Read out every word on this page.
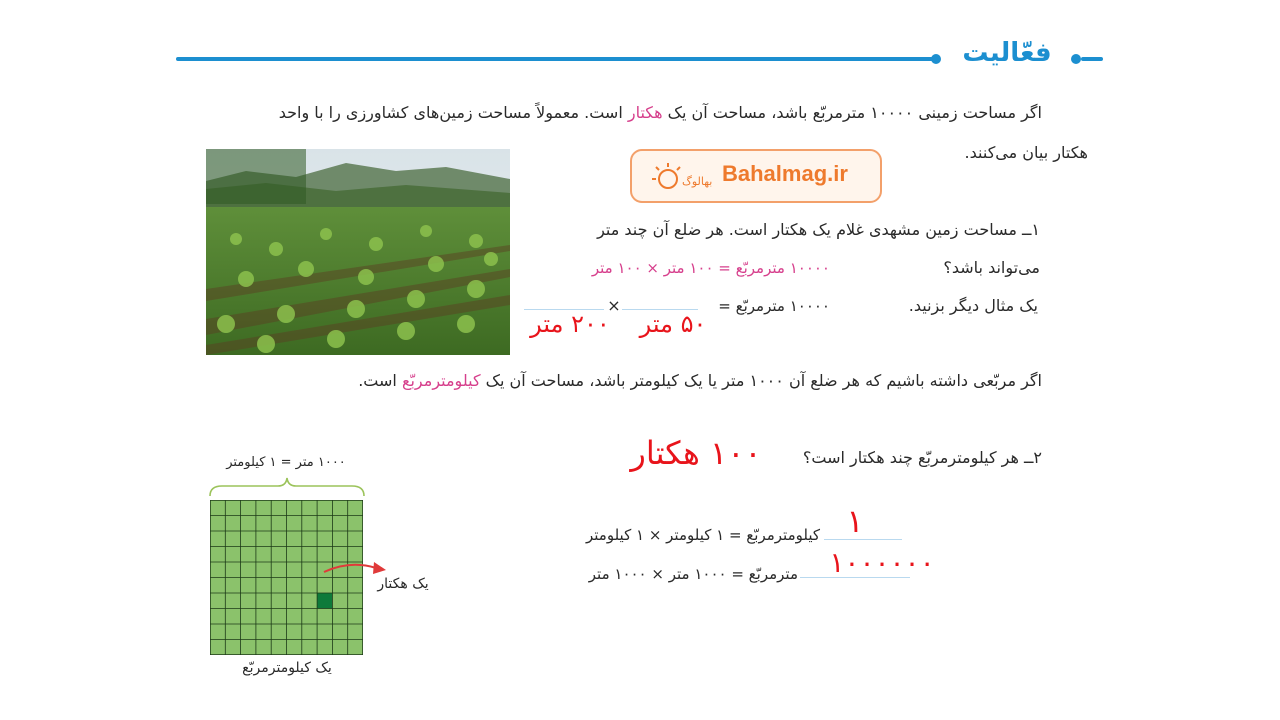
فعّالیت
اگر مساحت زمینی ۱۰۰۰۰ مترمربّع باشد، مساحت آن یک هکتار است. معمولاً مساحت زمین‌های کشاورزی را با واحد
هکتار بیان می‌کنند.
بهالوگ Bahalmag.ir
۱ــ مساحت زمین مشهدی غلام یک هکتار است. هر ضلع آن چند متر
می‌تواند باشد؟
۱۰۰۰۰ مترمربّع = ۱۰۰ متر × ۱۰۰ متر
یک مثال دیگر بزنید.
۱۰۰۰۰ مترمربّع =
×
۵۰ متر
۲۰۰ متر
اگر مربّعی داشته باشیم که هر ضلع آن ۱۰۰۰ متر یا یک کیلومتر باشد، مساحت آن یک کیلومترمربّع است.
۲ــ هر کیلومترمربّع چند هکتار است؟
۱۰۰ هکتار
کیلومترمربّع = ۱ کیلومتر × ۱ کیلومتر ۱
مترمربّع = ۱۰۰۰ متر × ۱۰۰۰ متر	۱۰۰۰۰۰۰
۱۰۰۰ متر = ۱ کیلومتر
یک هکتار
یک کیلومترمربّع
